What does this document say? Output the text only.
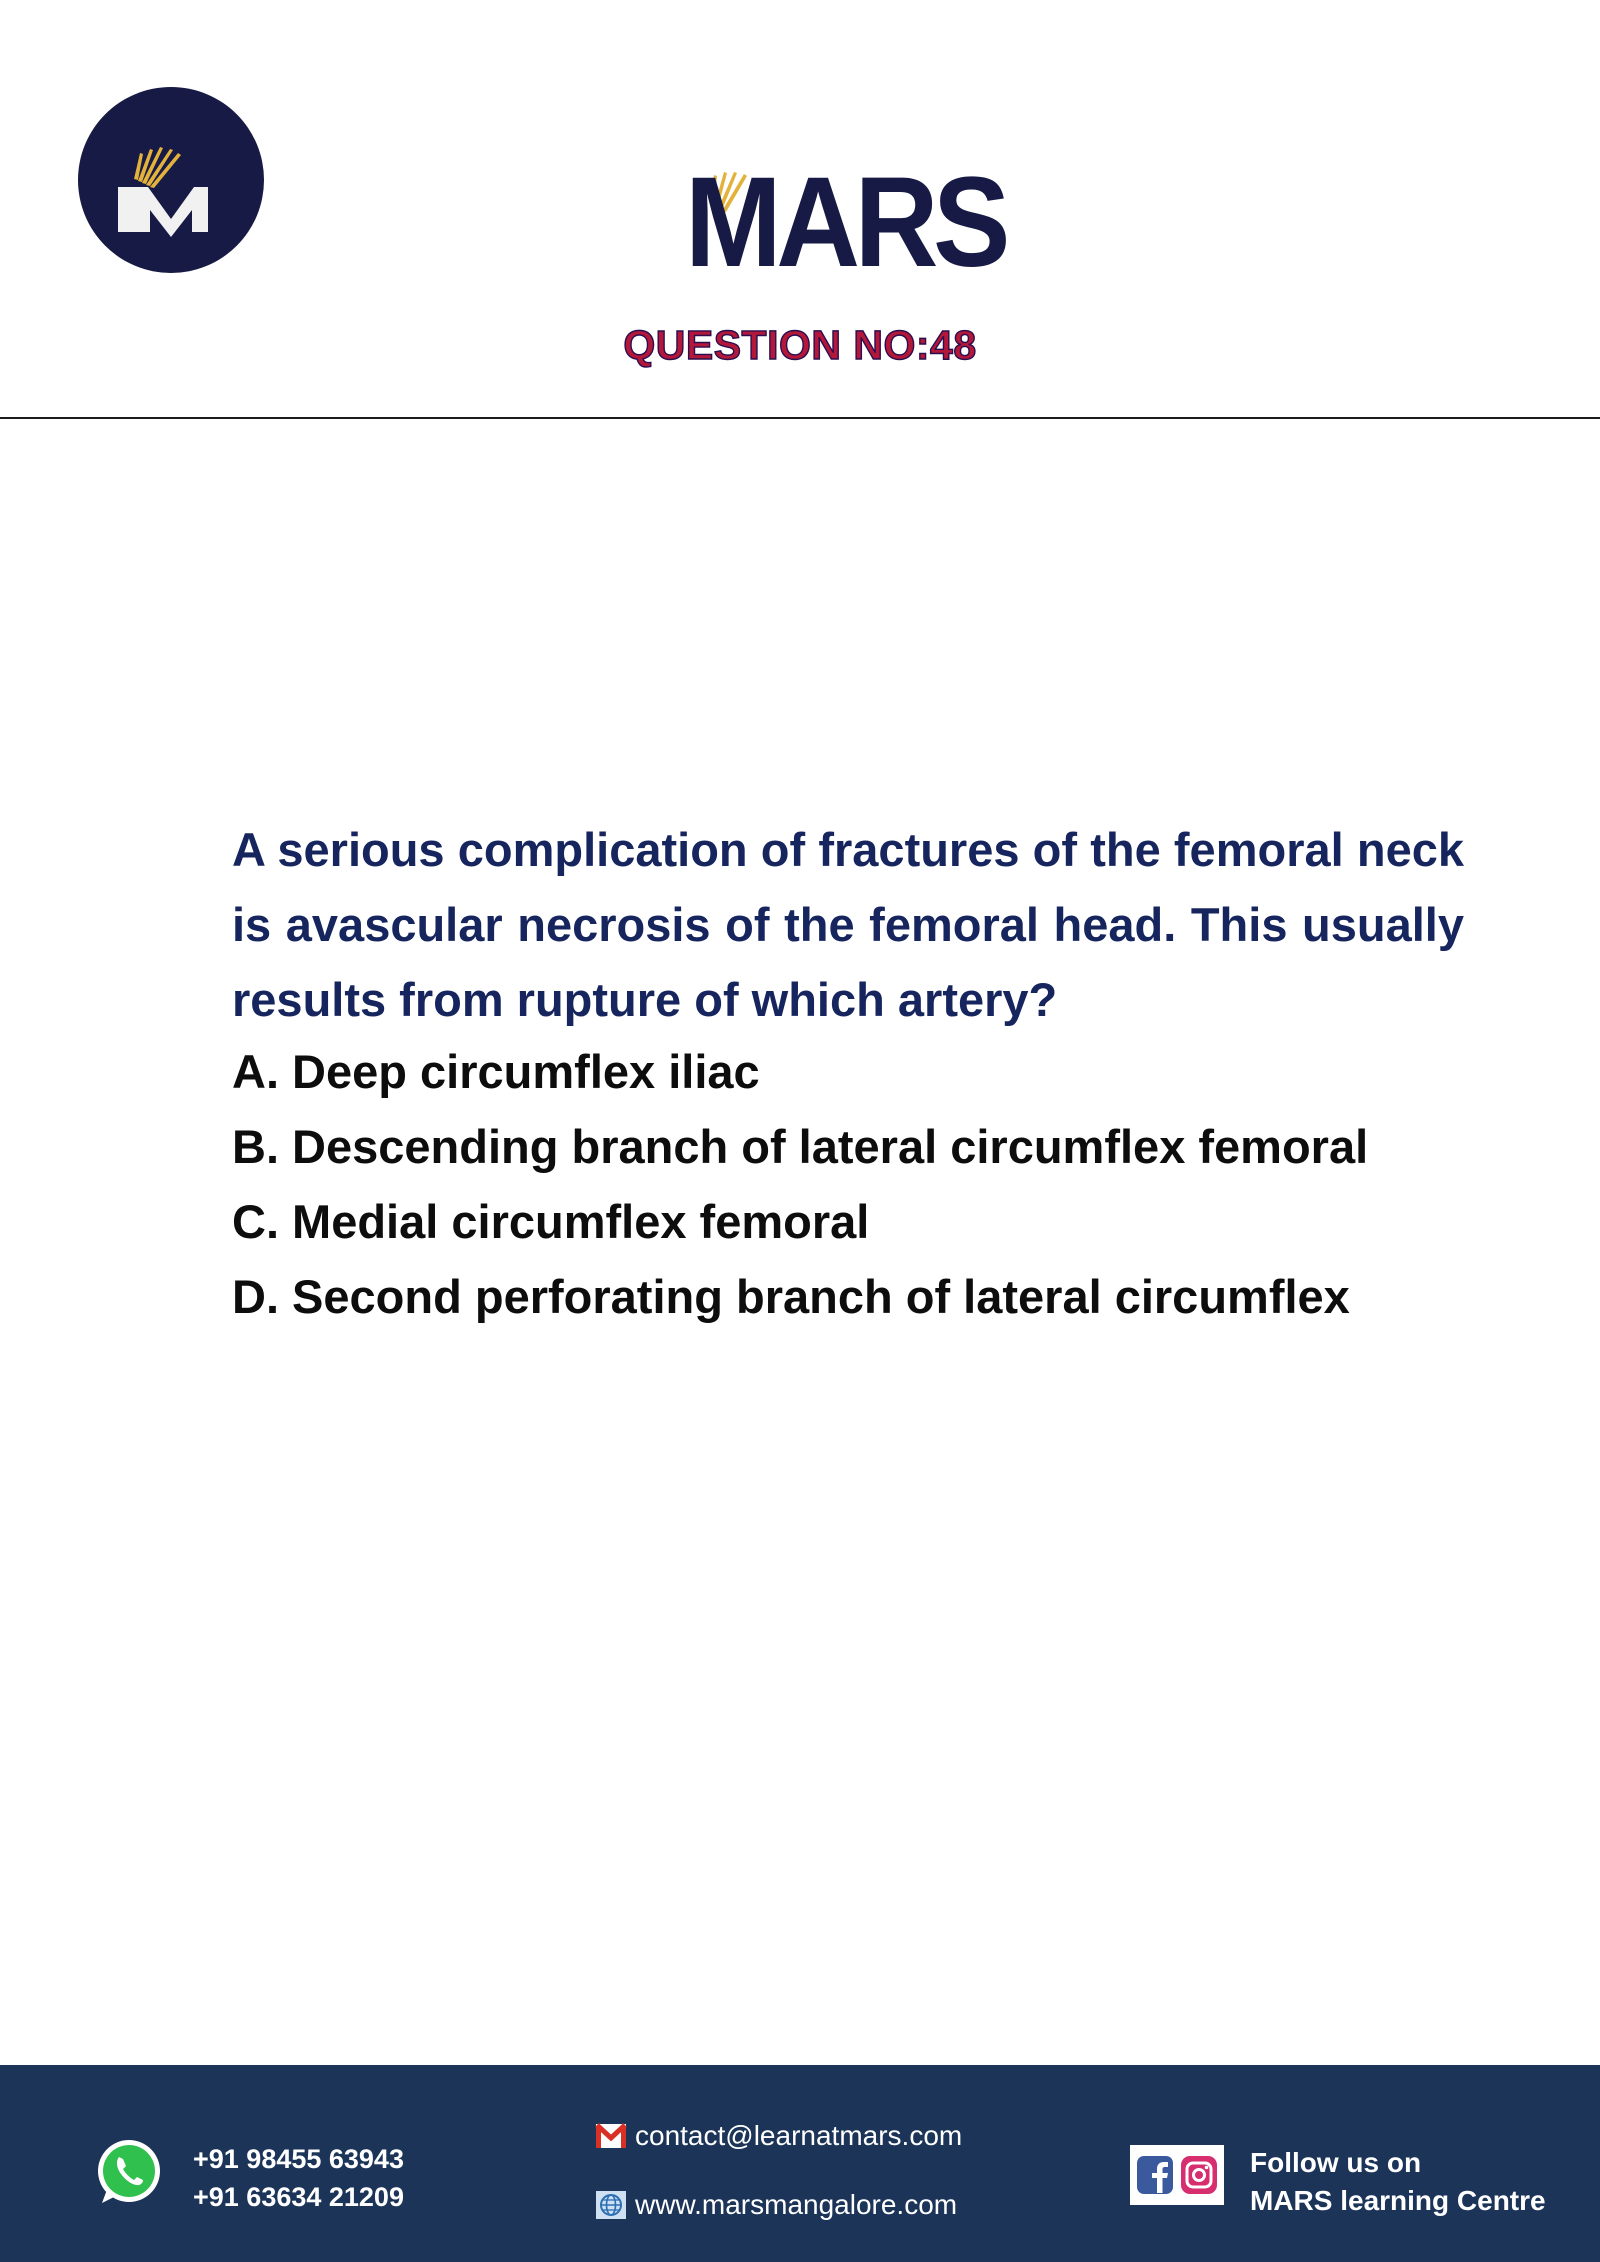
MARS
QUESTION NO:48

A serious complication of fractures of the femoral neck is avascular necrosis of the femoral head. This usually results from rupture of which artery?

A. Deep circumflex iliac
B. Descending branch of lateral circumflex femoral
C. Medial circumflex femoral
D. Second perforating branch of lateral circumflex
+91 98455 63943
+91 63634 21209
contact@learnatmars.com
www.marsmangalore.com
Follow us on
MARS learning Centre
